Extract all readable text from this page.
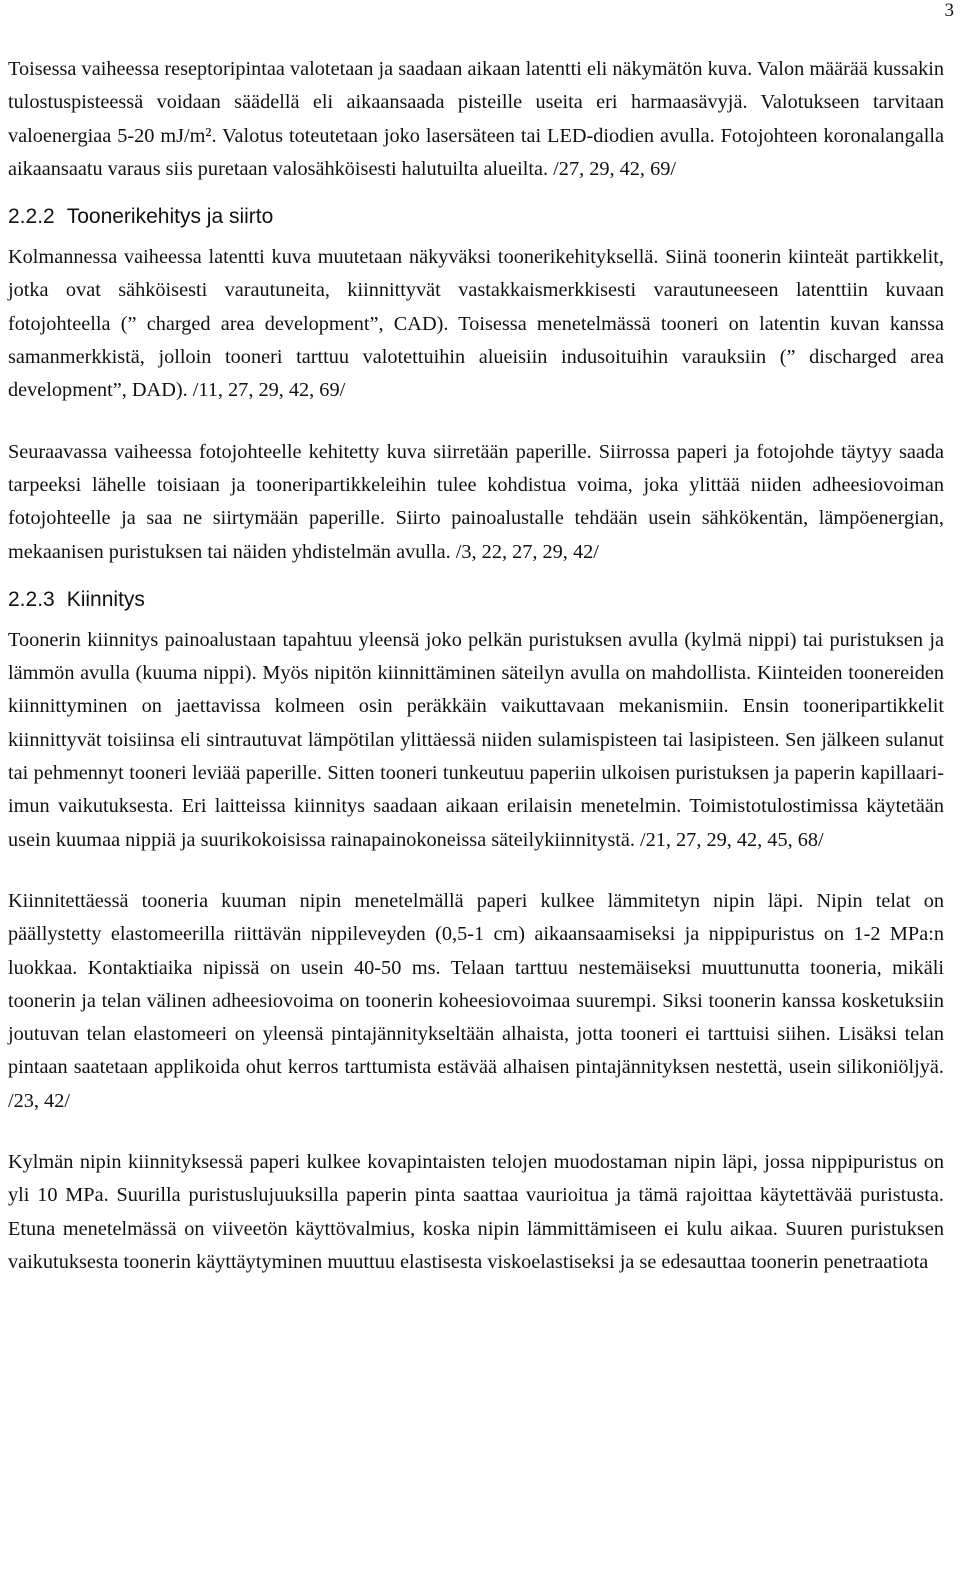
3

Toisessa vaiheessa reseptoripintaa valotetaan ja saadaan aikaan latentti eli näkymätön kuva. Valon määrää kussakin tulostuspisteessä voidaan säädellä eli aikaansaada pisteille useita eri harmaasävyjä. Valotukseen tarvitaan valoenergiaa 5-20 mJ/m². Valotus toteutetaan joko lasersäteen tai LED-diodien avulla. Fotojohteen koronalangalla aikaansaatu varaus siis puretaan valosähköisesti halutuilta alueilta. /27, 29, 42, 69/

2.2.2 Toonerikehitys ja siirto

Kolmannessa vaiheessa latentti kuva muutetaan näkyväksi toonerikehityksellä. Siinä toonerin kiinteät partikkelit, jotka ovat sähköisesti varautuneita, kiinnittyvät vastakkaismerkkisesti varautuneeseen latenttiin kuvaan fotojohteella (” charged area development”, CAD). Toisessa menetelmässä tooneri on latentin kuvan kanssa samanmerkkistä, jolloin tooneri tarttuu valotettuihin alueisiin indusoituihin varauksiin (” discharged area development”, DAD). /11, 27, 29, 42, 69/

Seuraavassa vaiheessa fotojohteelle kehitetty kuva siirretään paperille. Siirrossa paperi ja fotojohde täytyy saada tarpeeksi lähelle toisiaan ja tooneripartikkeleihin tulee kohdistua voima, joka ylittää niiden adheesiovoiman fotojohteelle ja saa ne siirtymään paperille. Siirto painoalustalle tehdään usein sähkökentän, lämpöenergian, mekaanisen puristuksen tai näiden yhdistelmän avulla. /3, 22, 27, 29, 42/

2.2.3 Kiinnitys

Toonerin kiinnitys painoalustaan tapahtuu yleensä joko pelkän puristuksen avulla (kylmä nippi) tai puristuksen ja lämmön avulla (kuuma nippi). Myös nipitön kiinnittäminen säteilyn avulla on mahdollista. Kiinteiden toonereiden kiinnittyminen on jaettavissa kolmeen osin peräkkäin vaikuttavaan mekanismiin. Ensin tooneripartikkelit kiinnittyvät toisiinsa eli sintrautuvat lämpötilan ylittäessä niiden sulamispisteen tai lasipisteen. Sen jälkeen sulanut tai pehmennyt tooneri leviää paperille. Sitten tooneri tunkeutuu paperiin ulkoisen puristuksen ja paperin kapillaari-imun vaikutuksesta. Eri laitteissa kiinnitys saadaan aikaan erilaisin menetelmin. Toimistotulostimissa käytetään usein kuumaa nippiä ja suurikokoisissa rainapainokoneissa säteilykiinnitystä. /21, 27, 29, 42, 45, 68/

Kiinnitettäessä tooneria kuuman nipin menetelmällä paperi kulkee lämmitetyn nipin läpi. Nipin telat on päällystetty elastomeerilla riittävän nippileveyden (0,5-1 cm) aikaansaamiseksi ja nippipuristus on 1-2 MPa:n luokkaa. Kontaktiaika nipissä on usein 40-50 ms. Telaan tarttuu nestemäiseksi muuttunutta tooneria, mikäli toonerin ja telan välinen adheesiovoima on toonerin koheesiovoimaa suurempi. Siksi toonerin kanssa kosketuksiin joutuvan telan elastomeeri on yleensä pintajännitykseltään alhaista, jotta tooneri ei tarttuisi siihen. Lisäksi telan pintaan saatetaan applikoida ohut kerros tarttumista estävää alhaisen pintajännityksen nestettä, usein silikoniöljyä. /23, 42/

Kylmän nipin kiinnityksessä paperi kulkee kovapintaisten telojen muodostaman nipin läpi, jossa nippipuristus on yli 10 MPa. Suurilla puristuslujuuksilla paperin pinta saattaa vaurioitua ja tämä rajoittaa käytettävää puristusta. Etuna menetelmässä on viiveetön käyttövalmius, koska nipin lämmittämiseen ei kulu aikaa. Suuren puristuksen vaikutuksesta toonerin käyttäytyminen muuttuu elastisesta viskoelastiseksi ja se edesauttaa toonerin penetraatiota
